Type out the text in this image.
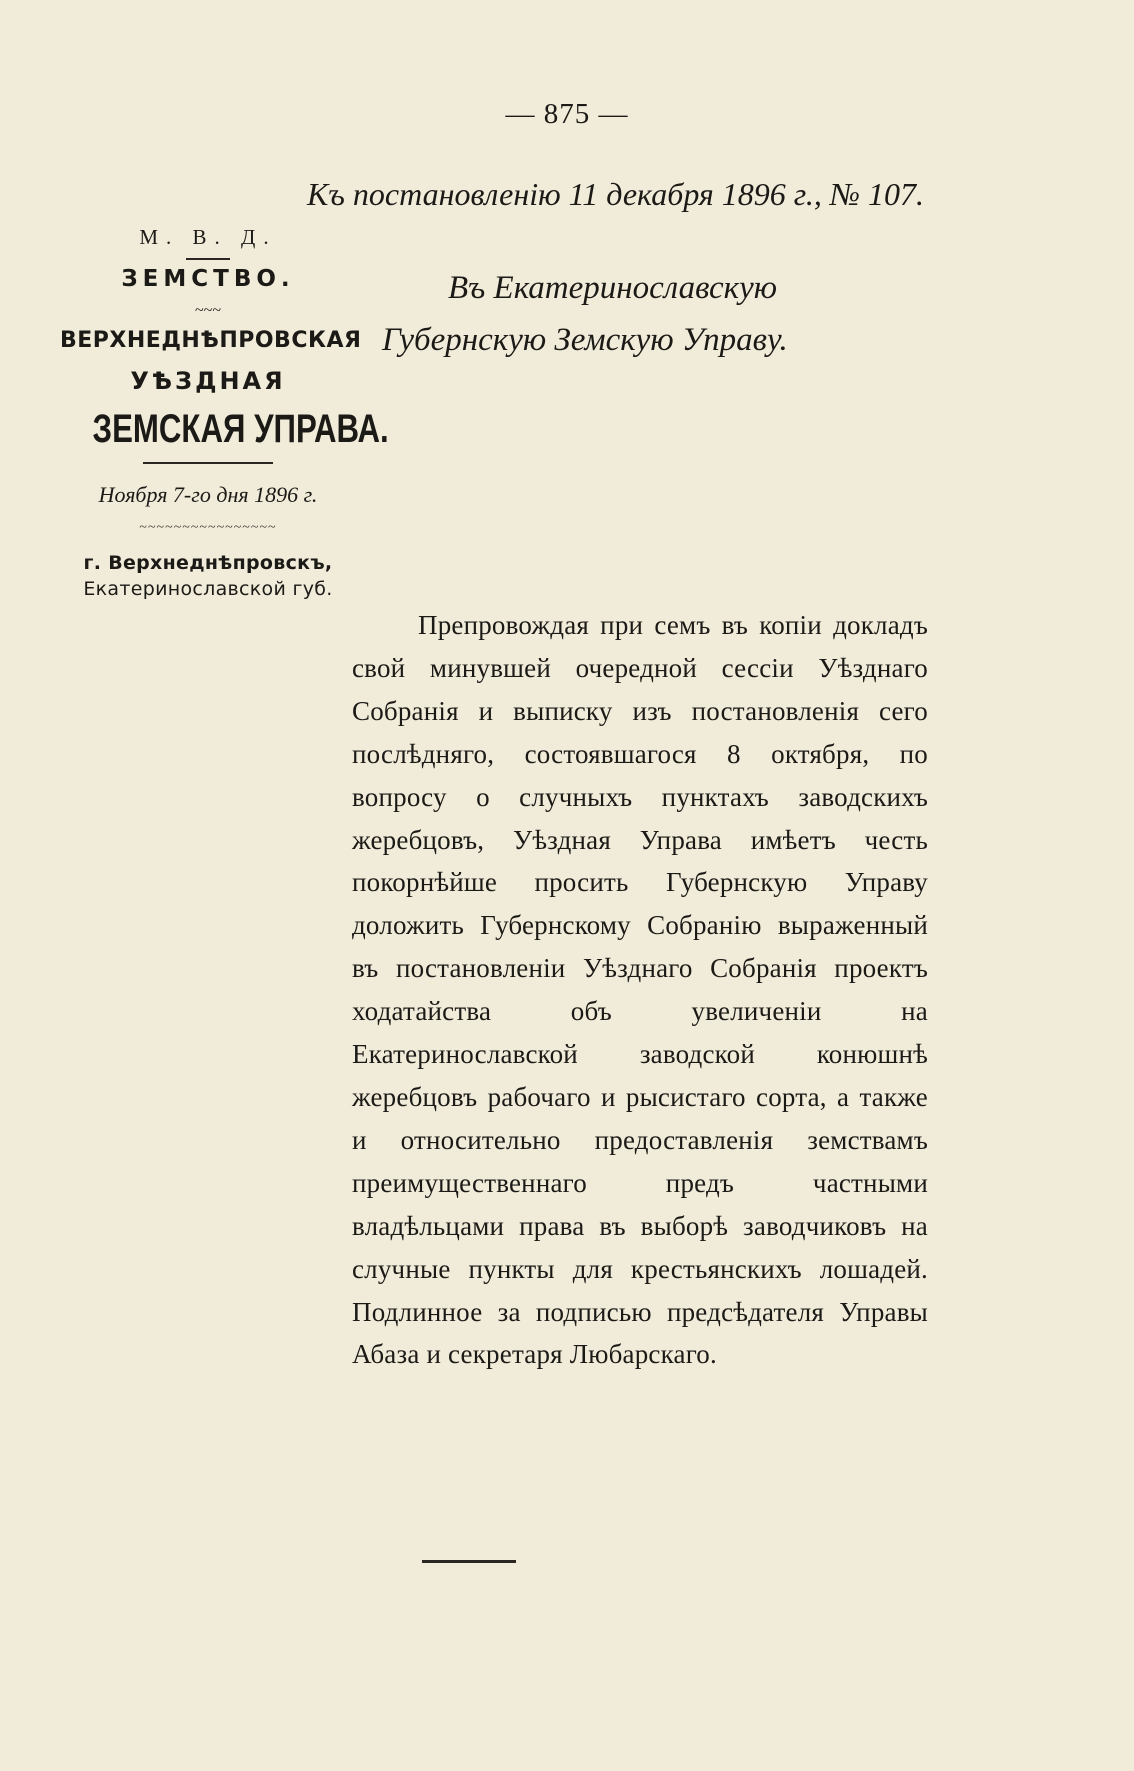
— 875 —
Къ постановленію 11 декабря 1896 г., № 107.
М. В. Д.
ЗЕМСТВО.
~~~
ВЕРХНЕДНѢПРОВСКАЯ
УѢЗДНАЯ
ЗЕМСКАЯ УПРАВА.
Ноября 7-го дня 1896 г.
~~~~~~~~~~~~~~~~
г. Верхнеднѣпровскъ,
Екатеринославской губ.
Въ Екатеринославскую Губернскую Земскую Управу.
Препровождая при семъ въ копіи докладъ свой минувшей очередной сессіи Уѣзднаго Собранія и выписку изъ постановленія сего послѣдняго, состоявшагося 8 октября, по вопросу о случныхъ пунктахъ заводскихъ жеребцовъ, Уѣздная Управа имѣетъ честь покорнѣйше просить Губернскую Управу доложить Губернскому Собранію выраженный въ постановленіи Уѣзднаго Собранія проектъ ходатайства объ увеличеніи на Екатеринославской заводской конюшнѣ жеребцовъ рабочаго и рысистаго сорта, а также и относительно предоставленія земствамъ преимущественнаго предъ частными владѣльцами права въ выборѣ заводчиковъ на случные пункты для крестьянскихъ лошадей. Подлинное за подписью предсѣдателя Управы Абаза и секретаря Любарскаго.
